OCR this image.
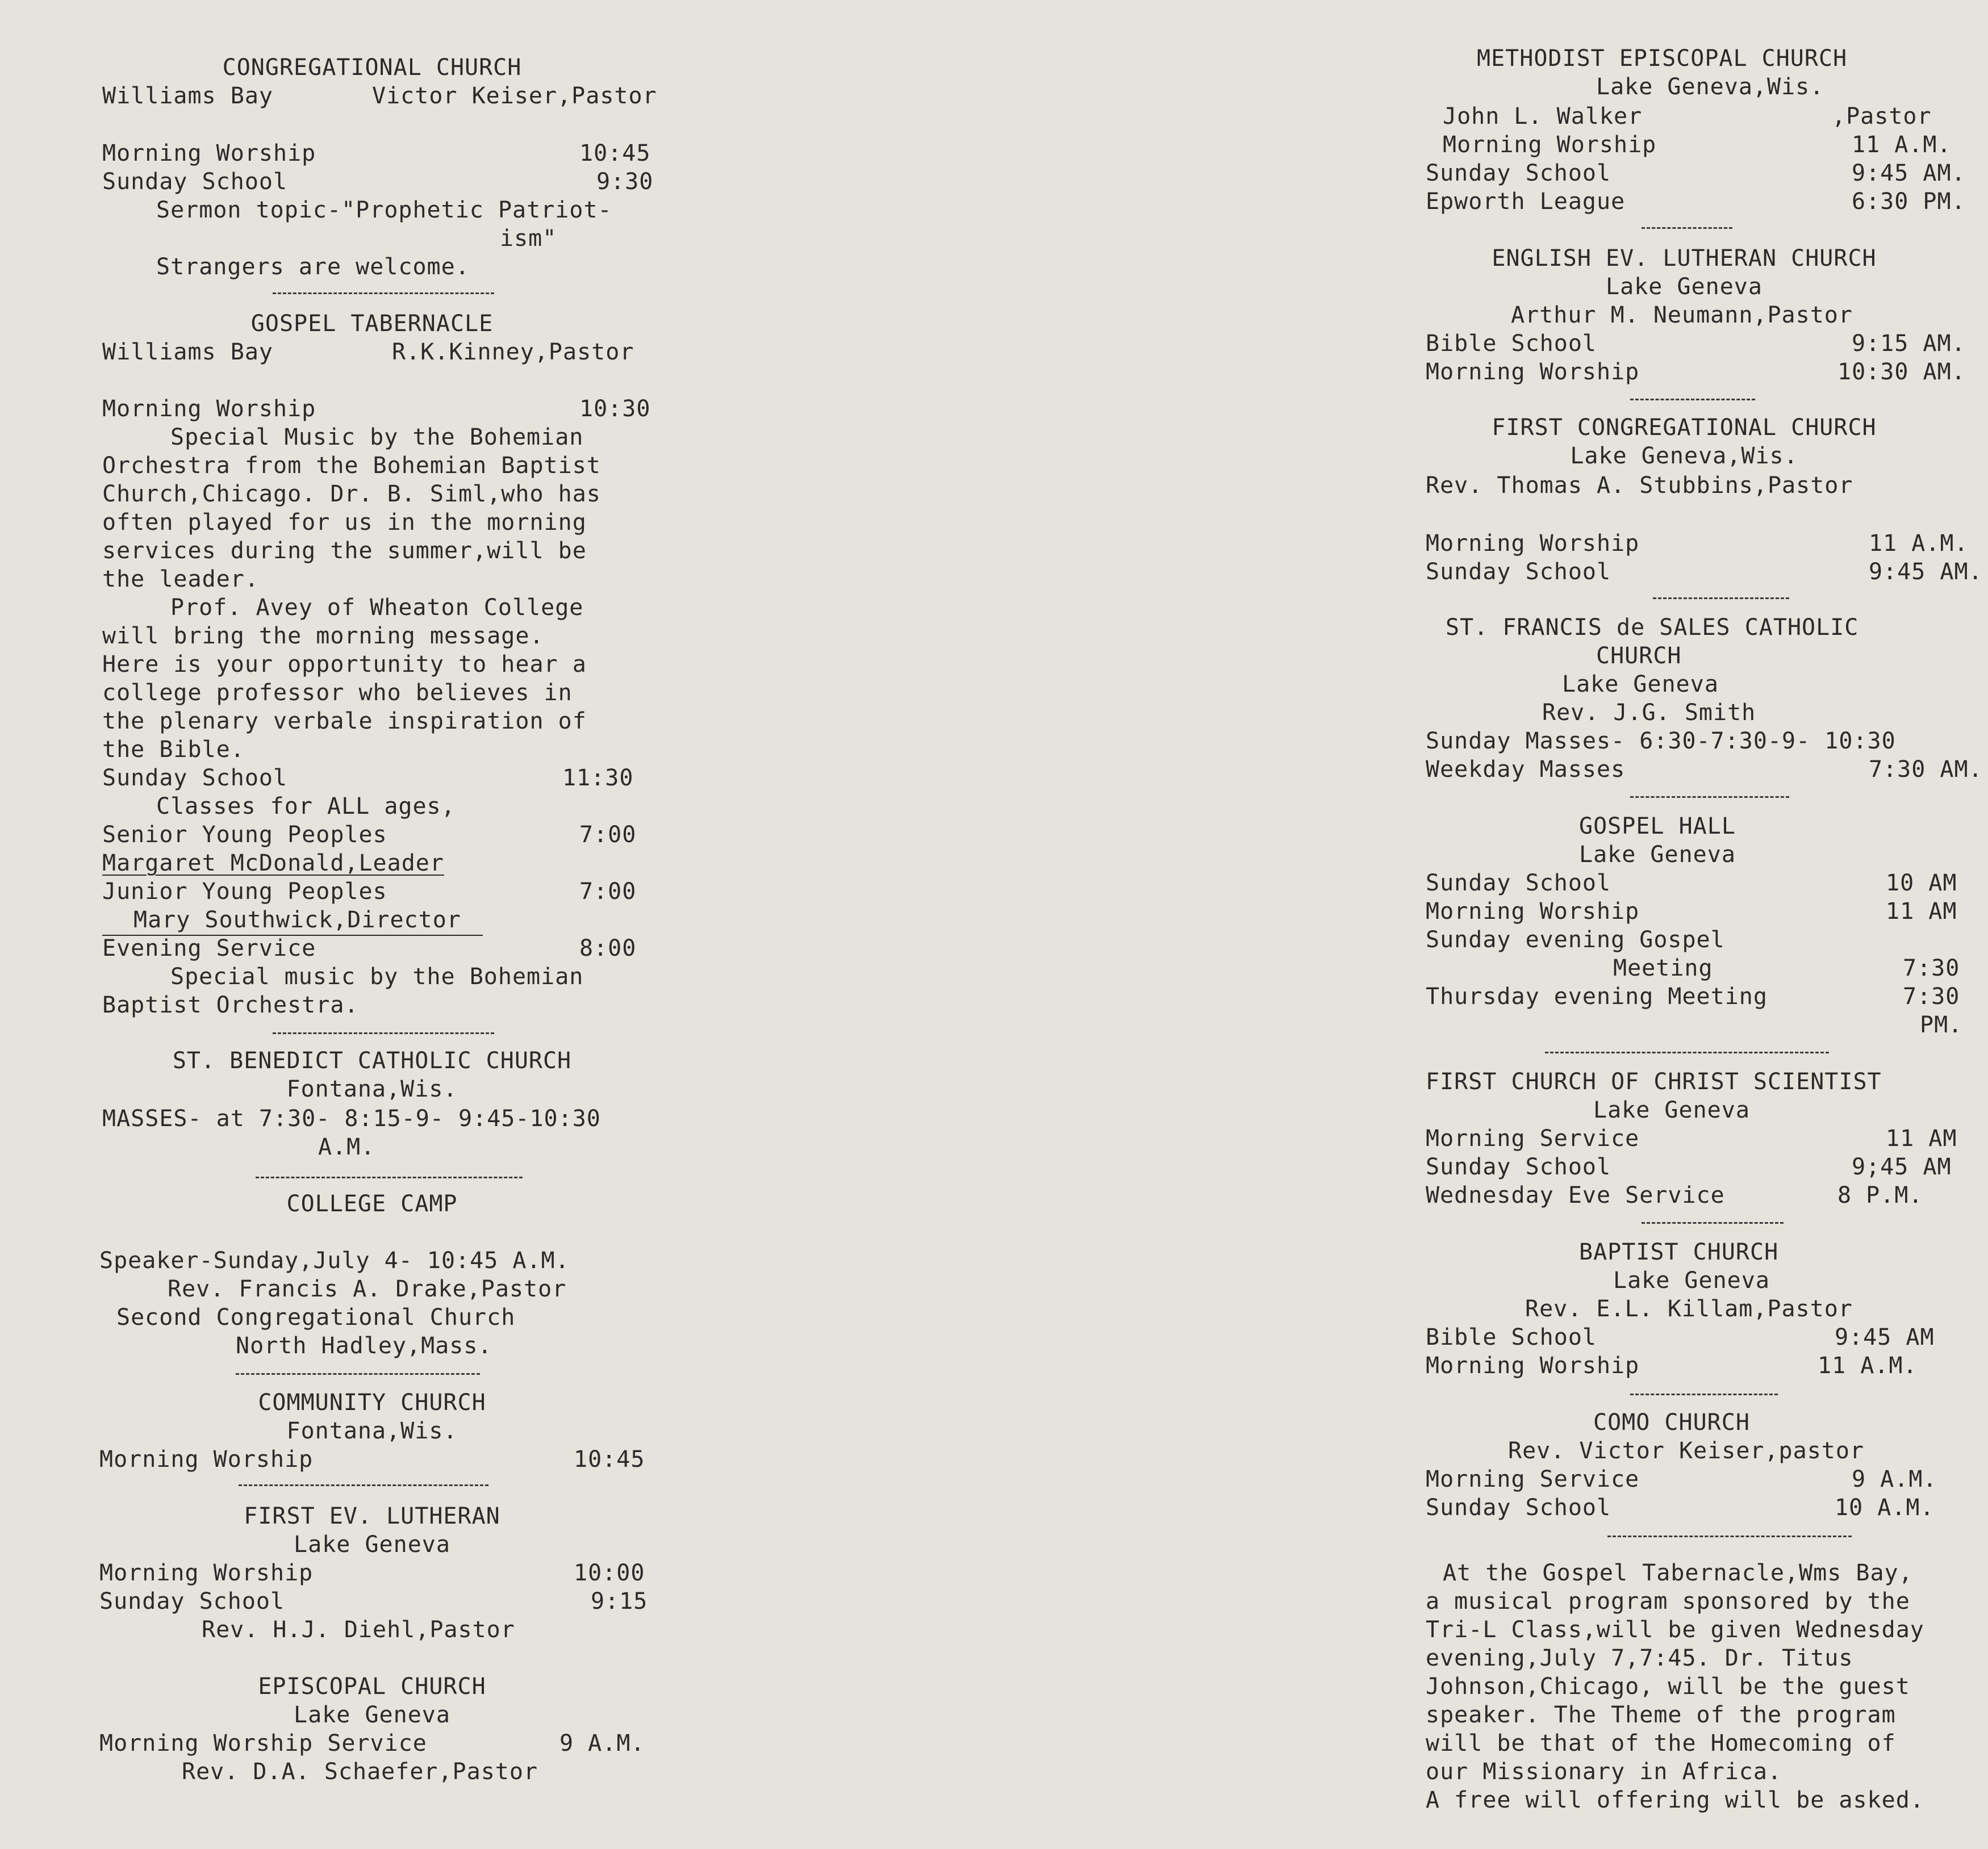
CONGREGATIONAL CHURCH

Williams Bay	Victor Keiser,Pastor

Morning Worship	10:45

Sunday School	9:30

Sermon topic-"Prophetic Patriot-

ism"

Strangers are welcome.

GOSPEL TABERNACLE

Williams Bay	R.K.Kinney,Pastor

Morning Worship	10:30

Special Music by the Bohemian

Orchestra from the Bohemian Baptist

Church,Chicago. Dr. B. Siml,who has

often played for us in the morning

services during the summer,will be

the leader.

Prof. Avey of Wheaton College

will bring the morning message.

Here is your opportunity to hear a

college professor who believes in

the plenary verbale inspiration of

the Bible.

Sunday School	11:30

Classes for ALL ages,

Senior Young Peoples	7:00

Margaret McDonald,Leader

Junior Young Peoples	7:00

Mary Southwick,Director

Evening Service	8:00

Special music by the Bohemian

Baptist Orchestra.

ST. BENEDICT CATHOLIC CHURCH

Fontana,Wis.

MASSES- at 7:30- 8:15-9- 9:45-10:30

A.M.

COLLEGE CAMP

Speaker-Sunday,July 4- 10:45 A.M.

Rev. Francis A. Drake,Pastor

Second Congregational Church

North Hadley,Mass.

COMMUNITY CHURCH

Fontana,Wis.

Morning Worship	10:45

FIRST EV. LUTHERAN

Lake Geneva

Morning Worship	10:00

Sunday School	9:15

Rev. H.J. Diehl,Pastor

EPISCOPAL CHURCH

Lake Geneva

Morning Worship Service	9 A.M.

Rev. D.A. Schaefer,Pastor

METHODIST EPISCOPAL CHURCH

Lake Geneva,Wis.

John L. Walker	,Pastor

Morning Worship	11 A.M.

Sunday School	9:45 AM.

Epworth League	6:30 PM.

ENGLISH EV. LUTHERAN CHURCH

Lake Geneva

Arthur M. Neumann,Pastor

Bible School	9:15 AM.

Morning Worship	10:30 AM.

FIRST CONGREGATIONAL CHURCH

Lake Geneva,Wis.

Rev. Thomas A. Stubbins,Pastor

Morning Worship	11 A.M.

Sunday School	9:45 AM.

ST. FRANCIS de SALES CATHOLIC

CHURCH

Lake Geneva

Rev. J.G. Smith

Sunday Masses- 6:30-7:30-9- 10:30

Weekday Masses	7:30 AM.

GOSPEL HALL

Lake Geneva

Sunday School	10 AM

Morning Worship	11 AM

Sunday evening Gospel

Meeting	7:30

Thursday evening Meeting	7:30

PM.

FIRST CHURCH OF CHRIST SCIENTIST

Lake Geneva

Morning Service	11 AM

Sunday School	9;45 AM

Wednesday Eve Service	8 P.M.

BAPTIST CHURCH

Lake Geneva

Rev. E.L. Killam,Pastor

Bible School	9:45 AM

Morning Worship	11 A.M.

COMO CHURCH

Rev. Victor Keiser,pastor

Morning Service	9 A.M.

Sunday School	10 A.M.

At the Gospel Tabernacle,Wms Bay,

a musical program sponsored by the

Tri-L Class,will be given Wednesday

evening,July 7,7:45. Dr. Titus

Johnson,Chicago, will be the guest

speaker. The Theme of the program

will be that of the Homecoming of

our Missionary in Africa.

A free will offering will be asked.
